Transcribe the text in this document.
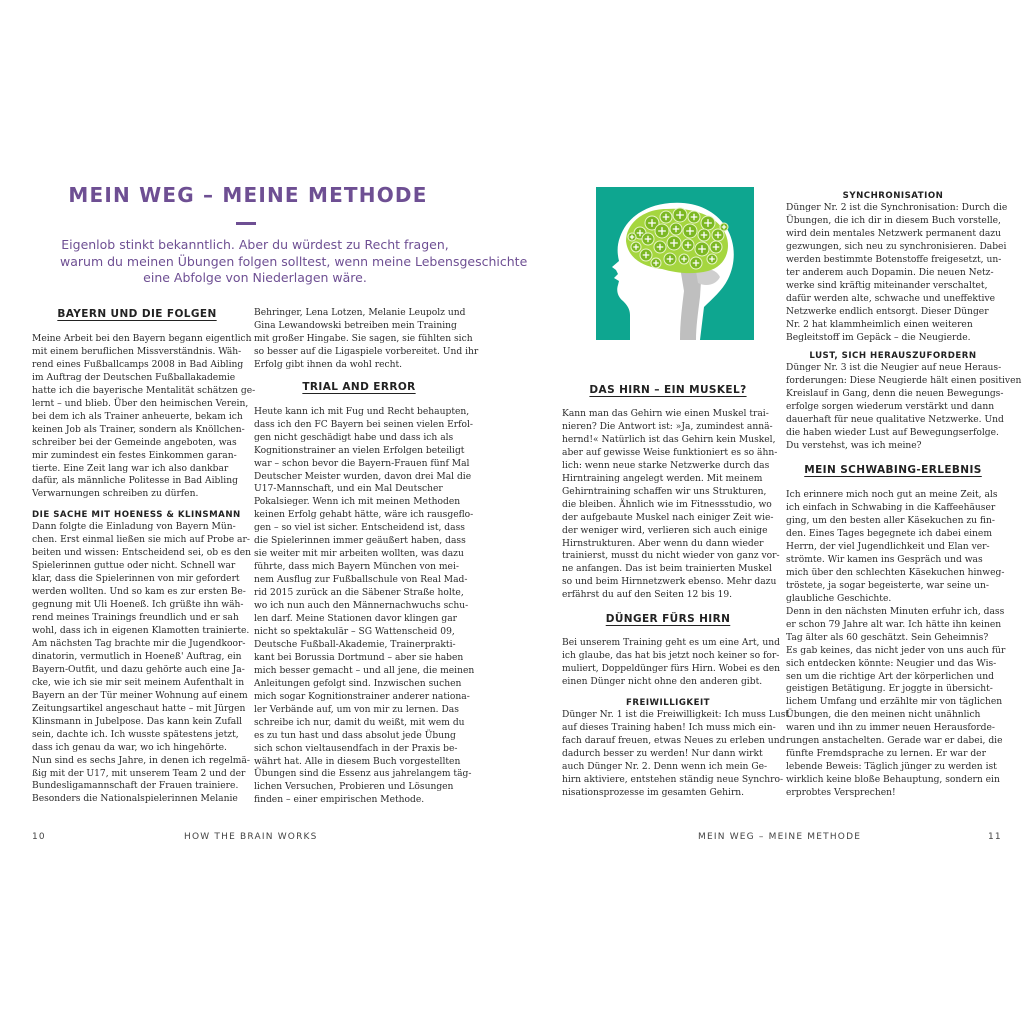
MEIN WEG – MEINE METHODE
Eigenlob stinkt bekanntlich. Aber du würdest zu Recht fragen,
warum du meinen Übungen folgen solltest, wenn meine Lebensgeschichte
eine Abfolge von Niederlagen wäre.
BAYERN UND DIE FOLGEN

Meine Arbeit bei den Bayern begann eigentlich
mit einem beruflichen Missverständnis. Wäh-
rend eines Fußballcamps 2008 in Bad Aibling
im Auftrag der Deutschen Fußballakademie
hatte ich die bayerische Mentalität schätzen ge-
lernt – und blieb. Über den heimischen Verein,
bei dem ich als Trainer anheuerte, bekam ich
keinen Job als Trainer, sondern als Knöllchen-
schreiber bei der Gemeinde angeboten, was
mir zumindest ein festes Einkommen garan-
tierte. Eine Zeit lang war ich also dankbar
dafür, als männliche Politesse in Bad Aibling
Verwarnungen schreiben zu dürfen.

DIE SACHE MIT HOENESS & KLINSMANN

Dann folgte die Einladung von Bayern Mün-
chen. Erst einmal ließen sie mich auf Probe ar-
beiten und wissen: Entscheidend sei, ob es den
Spielerinnen guttue oder nicht. Schnell war
klar, dass die Spielerinnen von mir gefordert
werden wollten. Und so kam es zur ersten Be-
gegnung mit Uli Hoeneß. Ich grüßte ihn wäh-
rend meines Trainings freundlich und er sah
wohl, dass ich in eigenen Klamotten trainierte.
Am nächsten Tag brachte mir die Jugendkoor-
dinatorin, vermutlich in Hoeneß' Auftrag, ein
Bayern-Outfit, und dazu gehörte auch eine Ja-
cke, wie ich sie mir seit meinem Aufenthalt in
Bayern an der Tür meiner Wohnung auf einem
Zeitungsartikel angeschaut hatte – mit Jürgen
Klinsmann in Jubelpose. Das kann kein Zufall
sein, dachte ich. Ich wusste spätestens jetzt,
dass ich genau da war, wo ich hingehörte.
Nun sind es sechs Jahre, in denen ich regelmä-
ßig mit der U17, mit unserem Team 2 und der
Bundesligamannschaft der Frauen trainiere.
Besonders die Nationalspielerinnen Melanie

Behringer, Lena Lotzen, Melanie Leupolz und
Gina Lewandowski betreiben mein Training
mit großer Hingabe. Sie sagen, sie fühlten sich
so besser auf die Ligaspiele vorbereitet. Und ihr
Erfolg gibt ihnen da wohl recht.

TRIAL AND ERROR

Heute kann ich mit Fug und Recht behaupten,
dass ich den FC Bayern bei seinen vielen Erfol-
gen nicht geschädigt habe und dass ich als
Kognitionstrainer an vielen Erfolgen beteiligt
war – schon bevor die Bayern-Frauen fünf Mal
Deutscher Meister wurden, davon drei Mal die
U17-Mannschaft, und ein Mal Deutscher
Pokalsieger. Wenn ich mit meinen Methoden
keinen Erfolg gehabt hätte, wäre ich rausgeflo-
gen – so viel ist sicher. Entscheidend ist, dass
die Spielerinnen immer geäußert haben, dass
sie weiter mit mir arbeiten wollten, was dazu
führte, dass mich Bayern München von mei-
nem Ausflug zur Fußballschule von Real Mad-
rid 2015 zurück an die Säbener Straße holte,
wo ich nun auch den Männernachwuchs schu-
len darf. Meine Stationen davor klingen gar
nicht so spektakulär – SG Wattenscheid 09,
Deutsche Fußball-Akademie, Trainerprakti-
kant bei Borussia Dortmund – aber sie haben
mich besser gemacht – und all jene, die meinen
Anleitungen gefolgt sind. Inzwischen suchen
mich sogar Kognitionstrainer anderer nationa-
ler Verbände auf, um von mir zu lernen. Das
schreibe ich nur, damit du weißt, mit wem du
es zu tun hast und dass absolut jede Übung
sich schon vieltausendfach in der Praxis be-
währt hat. Alle in diesem Buch vorgestellten
Übungen sind die Essenz aus jahrelangem täg-
lichen Versuchen, Probieren und Lösungen
finden – einer empirischen Methode.

10	HOW THE BRAIN WORKS
SYNCHRONISATION

Dünger Nr. 2 ist die Synchronisation: Durch die
Übungen, die ich dir in diesem Buch vorstelle,
wird dein mentales Netzwerk permanent dazu
gezwungen, sich neu zu synchronisieren. Dabei
werden bestimmte Botenstoffe freigesetzt, un-
ter anderem auch Dopamin. Die neuen Netz-
werke sind kräftig miteinander verschaltet,
dafür werden alte, schwache und uneffektive
Netzwerke endlich entsorgt. Dieser Dünger
Nr. 2 hat klammheimlich einen weiteren
Begleitstoff im Gepäck – die Neugierde.

LUST, SICH HERAUSZUFORDERN

Dünger Nr. 3 ist die Neugier auf neue Heraus-
forderungen: Diese Neugierde hält einen positiven
Kreislauf in Gang, denn die neuen Bewegungs-
erfolge sorgen wiederum verstärkt und dann
dauerhaft für neue qualitative Netzwerke. Und
die haben wieder Lust auf Bewegungserfolge.
Du verstehst, was ich meine?

MEIN SCHWABING-ERLEBNIS

Ich erinnere mich noch gut an meine Zeit, als
ich einfach in Schwabing in die Kaffeehäuser
ging, um den besten aller Käsekuchen zu fin-
den. Eines Tages begegnete ich dabei einem
Herrn, der viel Jugendlichkeit und Elan ver-
strömte. Wir kamen ins Gespräch und was
mich über den schlechten Käsekuchen hinweg-
tröstete, ja sogar begeisterte, war seine un-
glaubliche Geschichte.
Denn in den nächsten Minuten erfuhr ich, dass
er schon 79 Jahre alt war. Ich hätte ihn keinen
Tag älter als 60 geschätzt. Sein Geheimnis?
Es gab keines, das nicht jeder von uns auch für
sich entdecken könnte: Neugier und das Wis-
sen um die richtige Art der körperlichen und
geistigen Betätigung. Er joggte in übersicht-
lichem Umfang und erzählte mir von täglichen
Übungen, die den meinen nicht unähnlich
waren und ihn zu immer neuen Herausforde-
rungen anstachelten. Gerade war er dabei, die
fünfte Fremdsprache zu lernen. Er war der
lebende Beweis: Täglich jünger zu werden ist
wirklich keine bloße Behauptung, sondern ein
erprobtes Versprechen!

DAS HIRN – EIN MUSKEL?

Kann man das Gehirn wie einen Muskel trai-
nieren? Die Antwort ist: »Ja, zumindest annä-
hernd!« Natürlich ist das Gehirn kein Muskel,
aber auf gewisse Weise funktioniert es so ähn-
lich: wenn neue starke Netzwerke durch das
Hirntraining angelegt werden. Mit meinem
Gehirntraining schaffen wir uns Strukturen,
die bleiben. Ähnlich wie im Fitnessstudio, wo
der aufgebaute Muskel nach einiger Zeit wie-
der weniger wird, verlieren sich auch einige
Hirnstrukturen. Aber wenn du dann wieder
trainierst, musst du nicht wieder von ganz vor-
ne anfangen. Das ist beim trainierten Muskel
so und beim Hirnnetzwerk ebenso. Mehr dazu
erfährst du auf den Seiten 12 bis 19.

DÜNGER FÜRS HIRN

Bei unserem Training geht es um eine Art, und
ich glaube, das hat bis jetzt noch keiner so for-
muliert, Doppeldünger fürs Hirn. Wobei es den
einen Dünger nicht ohne den anderen gibt.

FREIWILLIGKEIT

Dünger Nr. 1 ist die Freiwilligkeit: Ich muss Lust
auf dieses Training haben! Ich muss mich ein-
fach darauf freuen, etwas Neues zu erleben und
dadurch besser zu werden! Nur dann wirkt
auch Dünger Nr. 2. Denn wenn ich mein Ge-
hirn aktiviere, entstehen ständig neue Synchro-
nisationsprozesse im gesamten Gehirn.

MEIN WEG – MEINE METHODE	11
